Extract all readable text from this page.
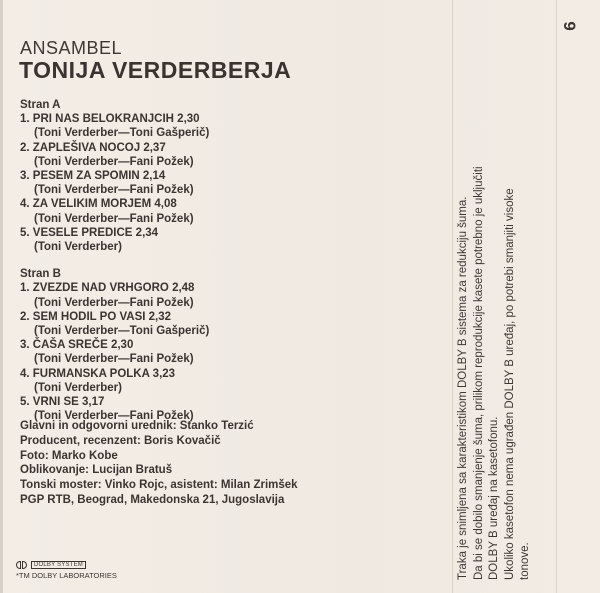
ANSAMBEL
TONIJA VERDERBERJA
Stran A
1. PRI NAS BELOKRANJCIH 2,30
(Toni Verderber—Toni Gašperič)
2. ZAPLEŠIVA NOCOJ 2,37
(Toni Verderber—Fani Požek)
3. PESEM ZA SPOMIN 2,14
(Toni Verderber—Fani Požek)
4. ZA VELIKIM MORJEM 4,08
(Toni Verderber—Fani Požek)
5. VESELE PREDICE 2,34
(Toni Verderber)
Stran B
1. ZVEZDE NAD VRHGORO 2,48
(Toni Verderber—Fani Požek)
2. SEM HODIL PO VASI 2,32
(Toni Verderber—Toni Gašperič)
3. ČAŠA SREČE 2,30
(Toni Verderber—Fani Požek)
4. FURMANSKA POLKA 3,23
(Toni Verderber)
5. VRNI SE 3,17
(Toni Verderber—Fani Požek)
Glavni in odgovorni urednik: Stanko Terzić
Producent, recenzent: Boris Kovačič
Foto: Marko Kobe
Oblikovanje: Lucijan Bratuš
Tonski moster: Vinko Rojc, asistent: Milan Zrimšek
PGP RTB, Beograd, Makedonska 21, Jugoslavija
DOLBY SYSTEM
*TM DOLBY LABORATORIES
6
Traka je snimljena sa karakteristikom DOLBY B sistema za redukciju šuma. Da bi se dobilo smanjenje šuma, prilikom reprodukcije kasete potrebno je uključiti DOLBY B uređaj na kasetofonu. Ukoliko kasetofon nema ugrađen DOLBY B uređaj, po potrebi smanjiti visoke tonove.
